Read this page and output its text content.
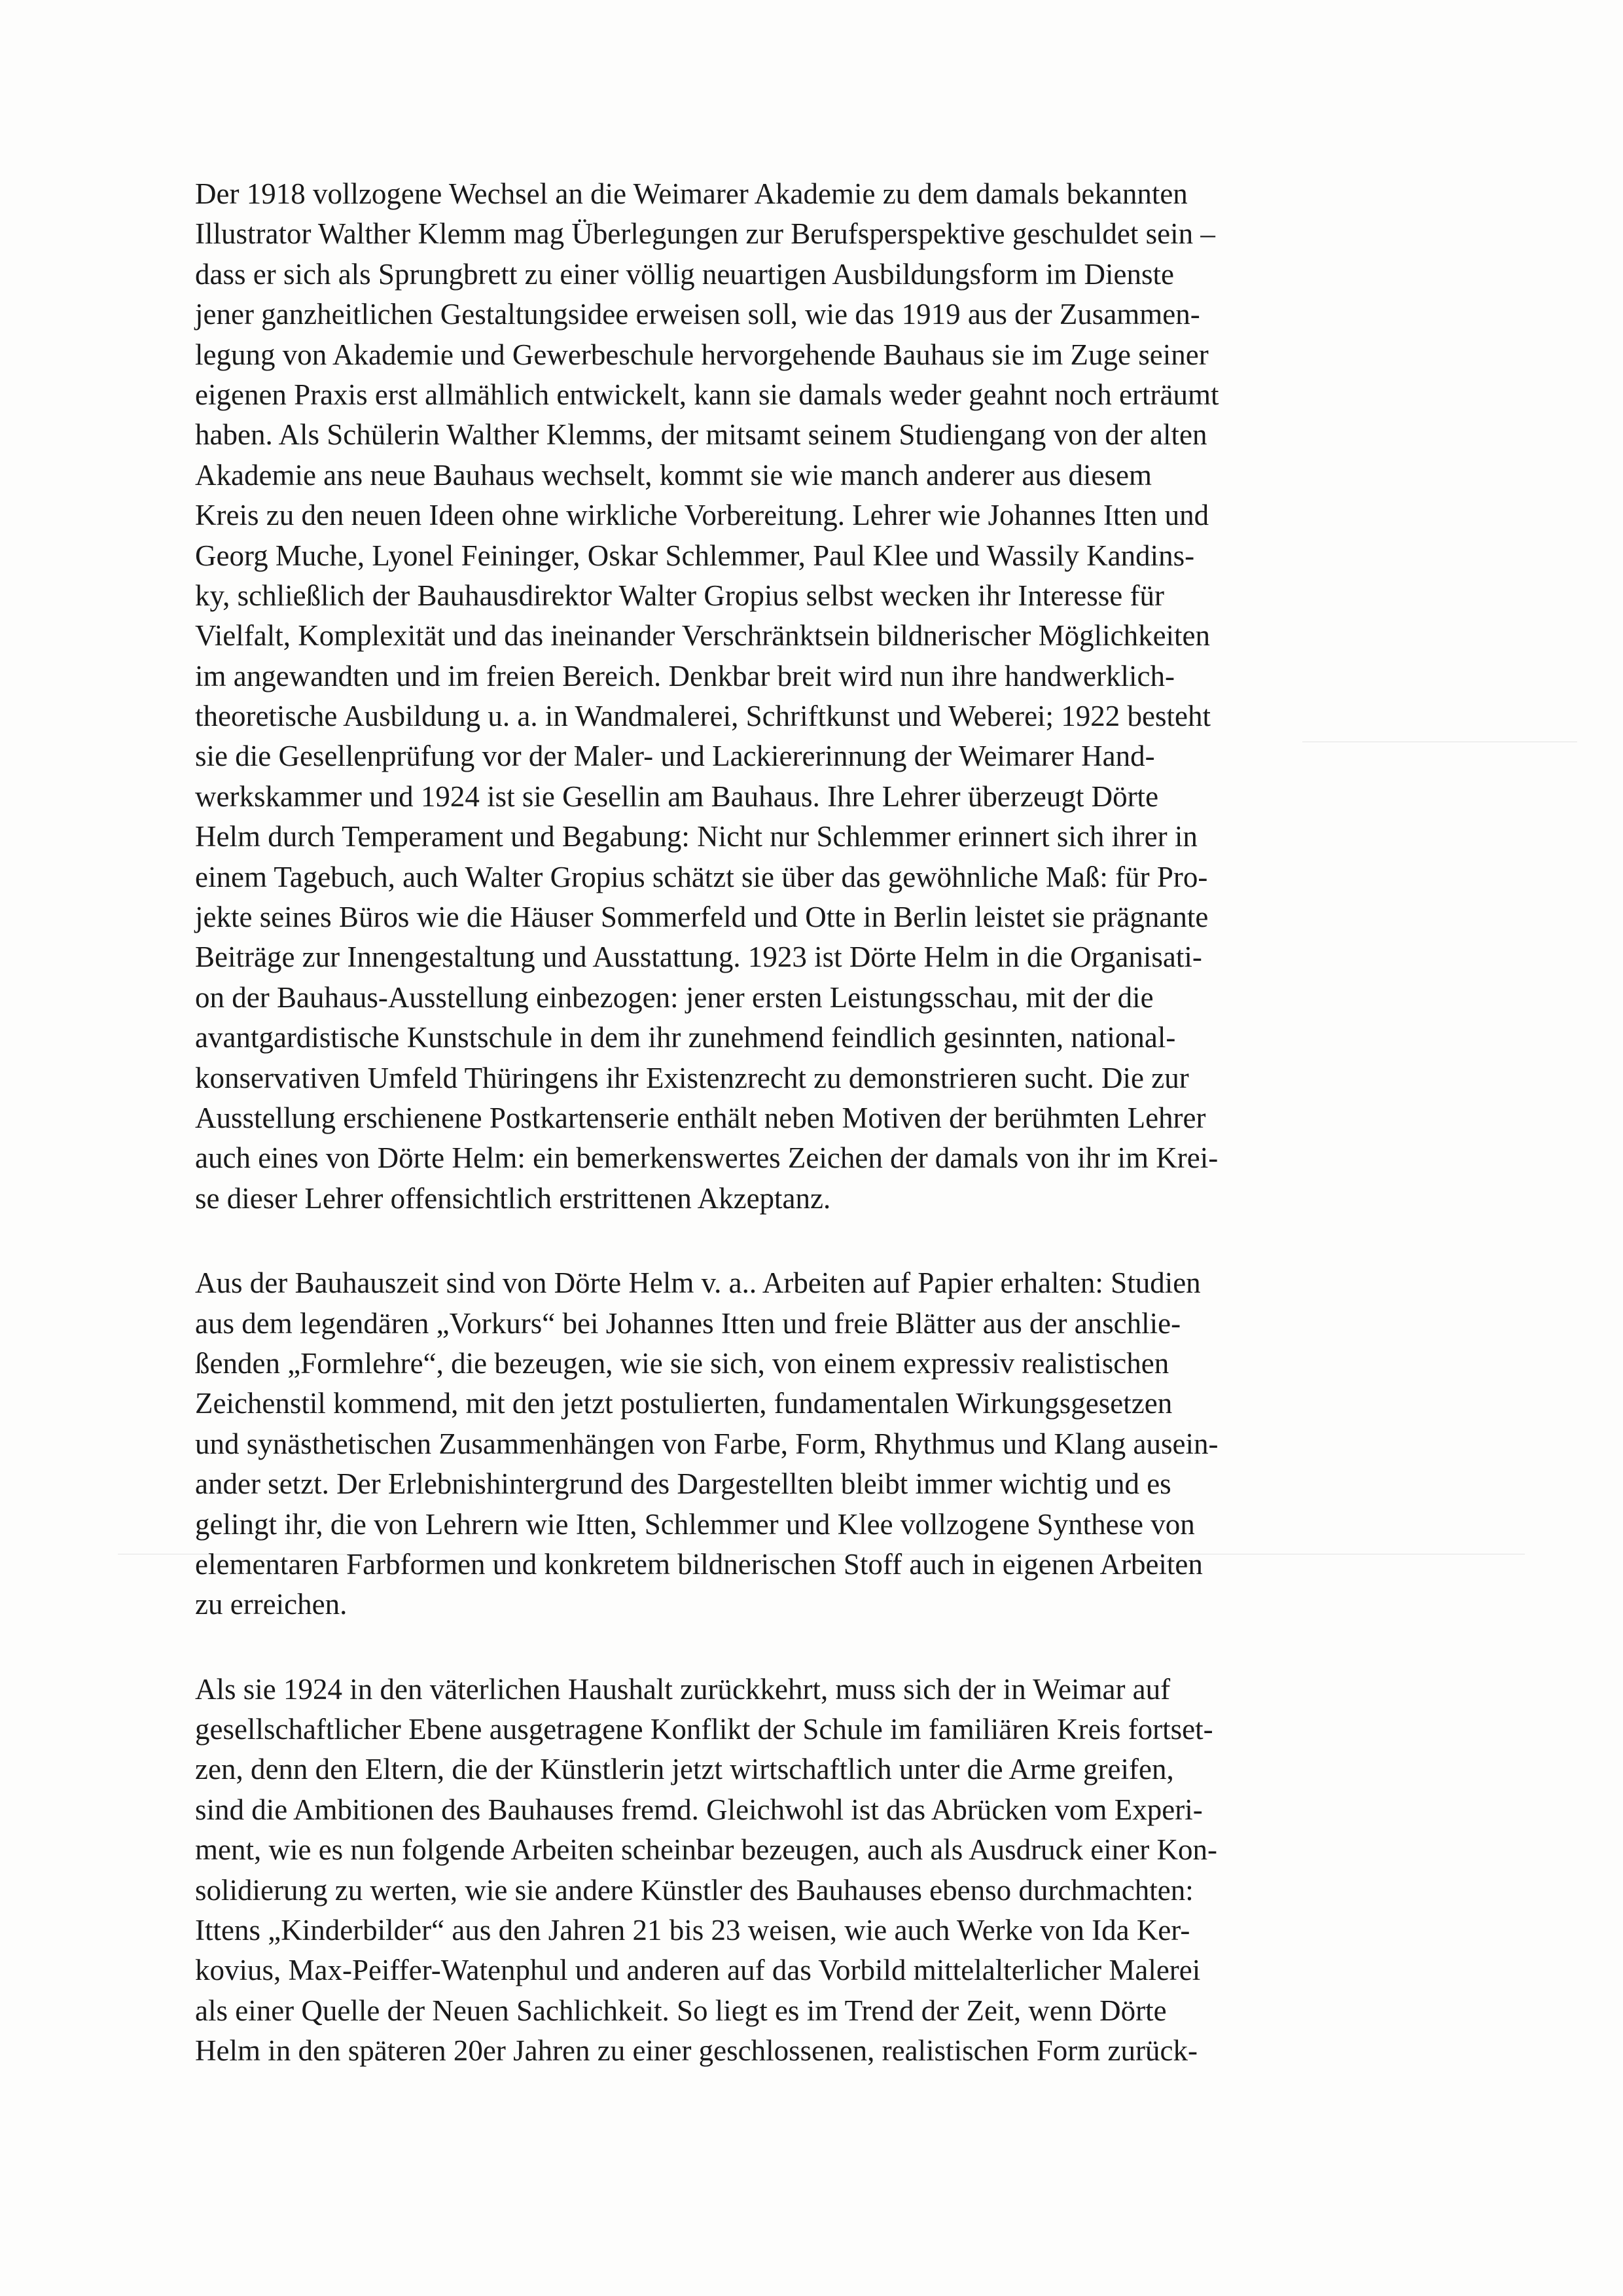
Der 1918 vollzogene Wechsel an die Weimarer Akademie zu dem damals bekannten
Illustrator Walther Klemm mag Überlegungen zur Berufsperspektive geschuldet sein –
dass er sich als Sprungbrett zu einer völlig neuartigen Ausbildungsform im Dienste
jener ganzheitlichen Gestaltungsidee erweisen soll, wie das 1919 aus der Zusammen-
legung von Akademie und Gewerbeschule hervorgehende Bauhaus sie im Zuge seiner
eigenen Praxis erst allmählich entwickelt, kann sie damals weder geahnt noch erträumt
haben. Als Schülerin Walther Klemms, der mitsamt seinem Studiengang von der alten
Akademie ans neue Bauhaus wechselt, kommt sie wie manch anderer aus diesem
Kreis zu den neuen Ideen ohne wirkliche Vorbereitung. Lehrer wie Johannes Itten und
Georg Muche, Lyonel Feininger, Oskar Schlemmer, Paul Klee und Wassily Kandins-
ky, schließlich der Bauhausdirektor Walter Gropius selbst wecken ihr Interesse für
Vielfalt, Komplexität und das ineinander Verschränktsein bildnerischer Möglichkeiten
im angewandten und im freien Bereich. Denkbar breit wird nun ihre handwerklich-
theoretische Ausbildung u. a. in Wandmalerei, Schriftkunst und Weberei; 1922 besteht
sie die Gesellenprüfung vor der Maler- und Lackiererinnung der Weimarer Hand-
werkskammer und 1924 ist sie Gesellin am Bauhaus. Ihre Lehrer überzeugt Dörte
Helm durch Temperament und Begabung: Nicht nur Schlemmer erinnert sich ihrer in
einem Tagebuch, auch Walter Gropius schätzt sie über das gewöhnliche Maß: für Pro-
jekte seines Büros wie die Häuser Sommerfeld und Otte in Berlin leistet sie prägnante
Beiträge zur Innengestaltung und Ausstattung. 1923 ist Dörte Helm in die Organisati-
on der Bauhaus-Ausstellung einbezogen: jener ersten Leistungsschau, mit der die
avantgardistische Kunstschule in dem ihr zunehmend feindlich gesinnten, national-
konservativen Umfeld Thüringens ihr Existenzrecht zu demonstrieren sucht. Die zur
Ausstellung erschienene Postkartenserie enthält neben Motiven der berühmten Lehrer
auch eines von Dörte Helm: ein bemerkenswertes Zeichen der damals von ihr im Krei-
se dieser Lehrer offensichtlich erstrittenen Akzeptanz.

Aus der Bauhauszeit sind von Dörte Helm v. a.. Arbeiten auf Papier erhalten: Studien
aus dem legendären „Vorkurs“ bei Johannes Itten und freie Blätter aus der anschlie-
ßenden „Formlehre“, die bezeugen, wie sie sich, von einem expressiv realistischen
Zeichenstil kommend, mit den jetzt postulierten, fundamentalen Wirkungsgesetzen
und synästhetischen Zusammenhängen von Farbe, Form, Rhythmus und Klang ausein-
ander setzt. Der Erlebnishintergrund des Dargestellten bleibt immer wichtig und es
gelingt ihr, die von Lehrern wie Itten, Schlemmer und Klee vollzogene Synthese von
elementaren Farbformen und konkretem bildnerischen Stoff auch in eigenen Arbeiten
zu erreichen.

Als sie 1924 in den väterlichen Haushalt zurückkehrt, muss sich der in Weimar auf
gesellschaftlicher Ebene ausgetragene Konflikt der Schule im familiären Kreis fortset-
zen, denn den Eltern, die der Künstlerin jetzt wirtschaftlich unter die Arme greifen,
sind die Ambitionen des Bauhauses fremd. Gleichwohl ist das Abrücken vom Experi-
ment, wie es nun folgende Arbeiten scheinbar bezeugen, auch als Ausdruck einer Kon-
solidierung zu werten, wie sie andere Künstler des Bauhauses ebenso durchmachten:
Ittens „Kinderbilder“ aus den Jahren 21 bis 23 weisen, wie auch Werke von Ida Ker-
kovius, Max-Peiffer-Watenphul und anderen auf das Vorbild mittelalterlicher Malerei
als einer Quelle der Neuen Sachlichkeit. So liegt es im Trend der Zeit, wenn Dörte
Helm in den späteren 20er Jahren zu einer geschlossenen, realistischen Form zurück-
